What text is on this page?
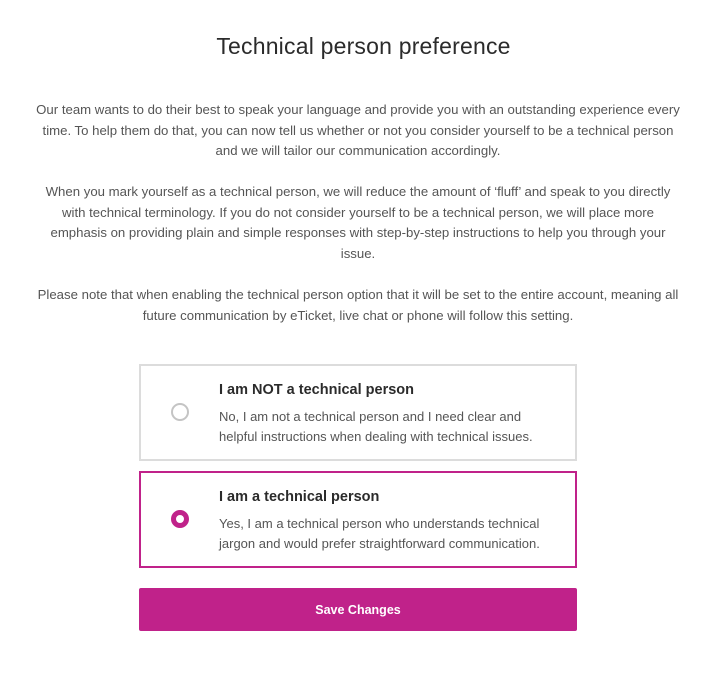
Technical person preference

Our team wants to do their best to speak your language and provide you with an outstanding experience every time. To help them do that, you can now tell us whether or not you consider yourself to be a technical person and we will tailor our communication accordingly.

When you mark yourself as a technical person, we will reduce the amount of ‘fluff’ and speak to you directly with technical terminology. If you do not consider yourself to be a technical person, we will place more emphasis on providing plain and simple responses with step-by-step instructions to help you through your issue.

Please note that when enabling the technical person option that it will be set to the entire account, meaning all future communication by eTicket, live chat or phone will follow this setting.

I am NOT a technical person

No, I am not a technical person and I need clear and helpful instructions when dealing with technical issues.

I am a technical person

Yes, I am a technical person who understands technical jargon and would prefer straightforward communication.

Save Changes
